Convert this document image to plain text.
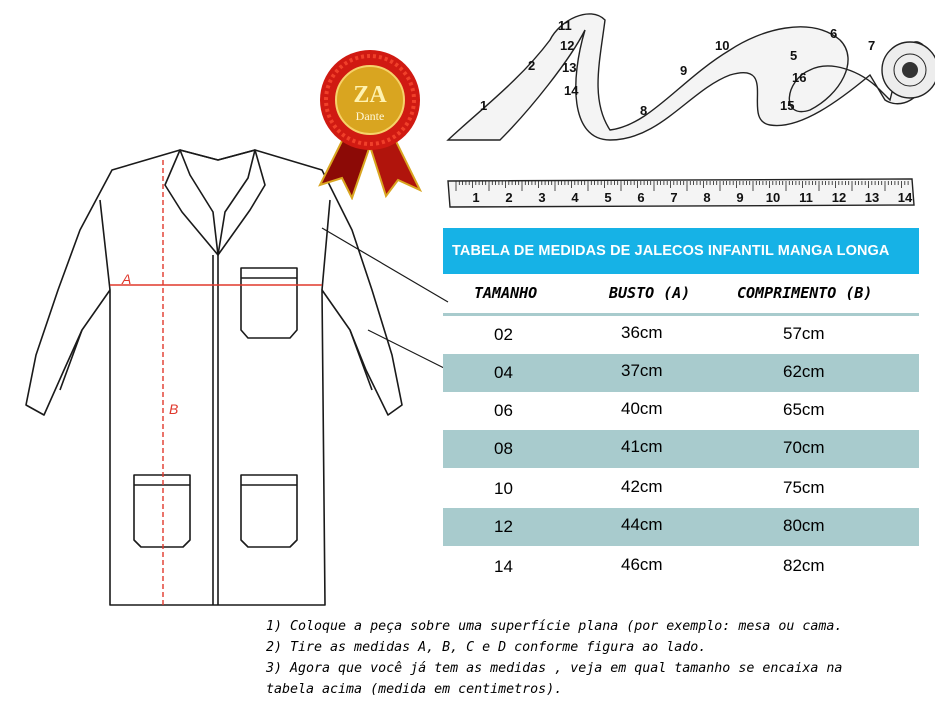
A
B
ZA
Dante
1
2
11
12
13
14
8
9
10
15
16
5
6
7
1 2 3 4 5 6 7 8 9 10 11 12 13 14
TABELA DE MEDIDAS DE JALECOS INFANTIL MANGA LONGA
TAMANHO	BUSTO (A)	COMPRIMENTO (B)
02	36cm	57cm
04	37cm	62cm
06	40cm	65cm
08	41cm	70cm
10	42cm	75cm
12	44cm	80cm
14	46cm	82cm
1) Coloque a peça sobre uma superfície plana (por exemplo: mesa ou cama.
2) Tire as medidas A, B, C e D conforme figura ao lado.
3) Agora que você já tem as medidas , veja em qual tamanho se encaixa na
tabela acima (medida em centimetros).
